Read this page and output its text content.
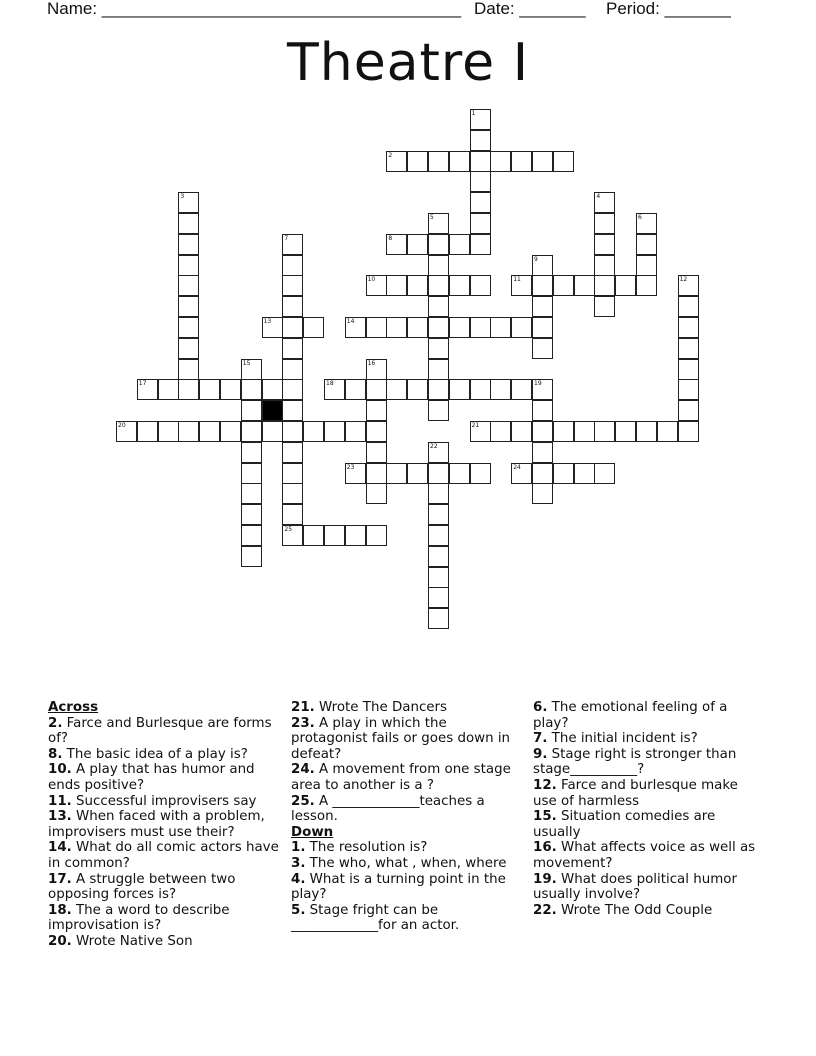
Name: ______________________________________ Date: _______ Period: _______
Theatre I
1
2
3	4
5	6
7	8
9
10	11	12
13	14
15	16
17	18	19
20	21
22
23	24
25
Across
2. Farce and Burlesque are forms of?
8. The basic idea of a play is?
10. A play that has humor and ends positive?
11. Successful improvisers say
13. When faced with a problem, improvisers must use their?
14. What do all comic actors have in common?
17. A struggle between two opposing forces is?
18. The a word to describe improvisation is?
20. Wrote Native Son
21. Wrote The Dancers
23. A play in which the protagonist fails or goes down in defeat?
24. A movement from one stage area to another is a ?
25. A _____________teaches a lesson.
Down
1. The resolution is?
3. The who, what , when, where
4. What is a turning point in the play?
5. Stage fright can be _____________for an actor.
6. The emotional feeling of a play?
7. The initial incident is?
9. Stage right is stronger than stage__________?
12. Farce and burlesque make use of harmless
15. Situation comedies are usually
16. What affects voice as well as movement?
19. What does political humor usually involve?
22. Wrote The Odd Couple
